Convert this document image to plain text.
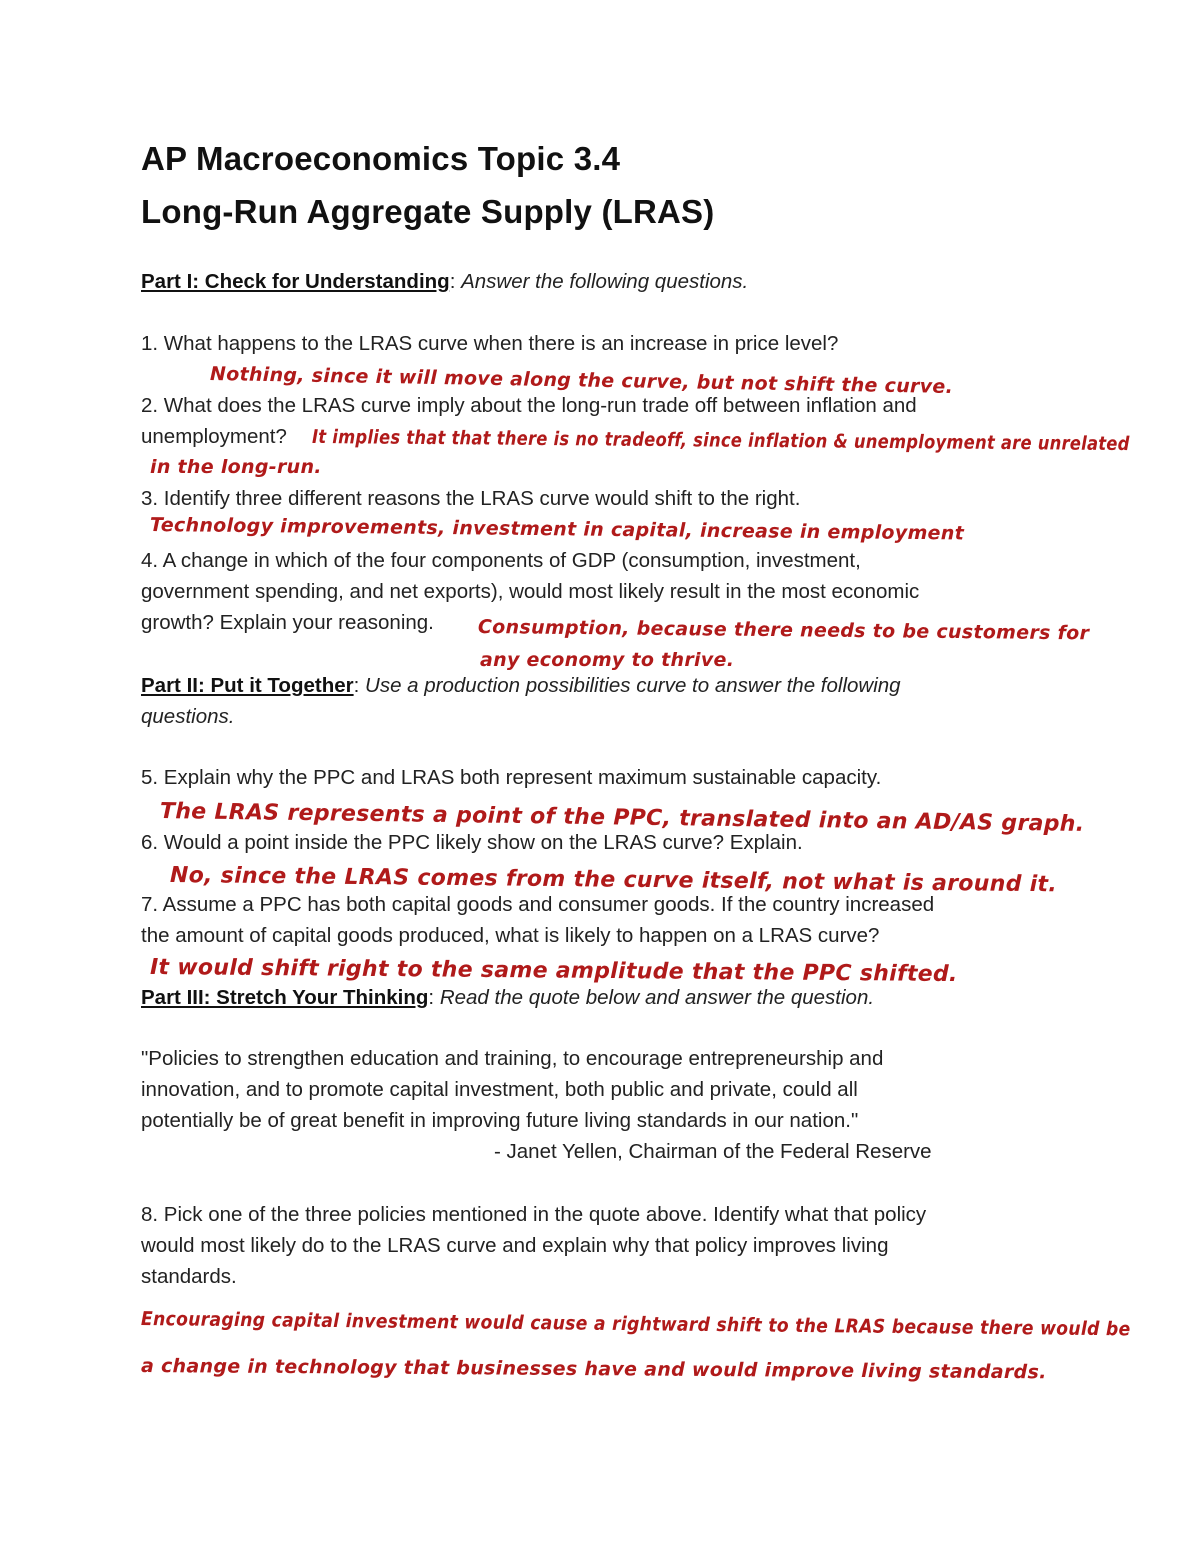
AP Macroeconomics Topic 3.4
Long-Run Aggregate Supply (LRAS)
Part I: Check for Understanding: Answer the following questions.
1. What happens to the LRAS curve when there is an increase in price level?
Nothing, since it will move along the curve, but not shift the curve.
2. What does the LRAS curve imply about the long-run trade off between inflation and
unemployment? It implies that that there is no tradeoff, since inflation & unemployment are unrelated
in the long-run.
3. Identify three different reasons the LRAS curve would shift to the right.
Technology improvements, investment in capital, increase in employment
4. A change in which of the four components of GDP (consumption, investment,
government spending, and net exports), would most likely result in the most economic
growth? Explain your reasoning. Consumption, because there needs to be customers for
any economy to thrive.
Part II: Put it Together: Use a production possibilities curve to answer the following
questions.
5. Explain why the PPC and LRAS both represent maximum sustainable capacity.
The LRAS represents a point of the PPC, translated into an AD/AS graph.
6. Would a point inside the PPC likely show on the LRAS curve? Explain.
No, since the LRAS comes from the curve itself, not what is around it.
7. Assume a PPC has both capital goods and consumer goods. If the country increased
the amount of capital goods produced, what is likely to happen on a LRAS curve?
It would shift right to the same amplitude that the PPC shifted.
Part III: Stretch Your Thinking: Read the quote below and answer the question.
"Policies to strengthen education and training, to encourage entrepreneurship and
innovation, and to promote capital investment, both public and private, could all
potentially be of great benefit in improving future living standards in our nation."
- Janet Yellen, Chairman of the Federal Reserve
8. Pick one of the three policies mentioned in the quote above. Identify what that policy
would most likely do to the LRAS curve and explain why that policy improves living
standards.
Encouraging capital investment would cause a rightward shift to the LRAS because there would be
a change in technology that businesses have and would improve living standards.
